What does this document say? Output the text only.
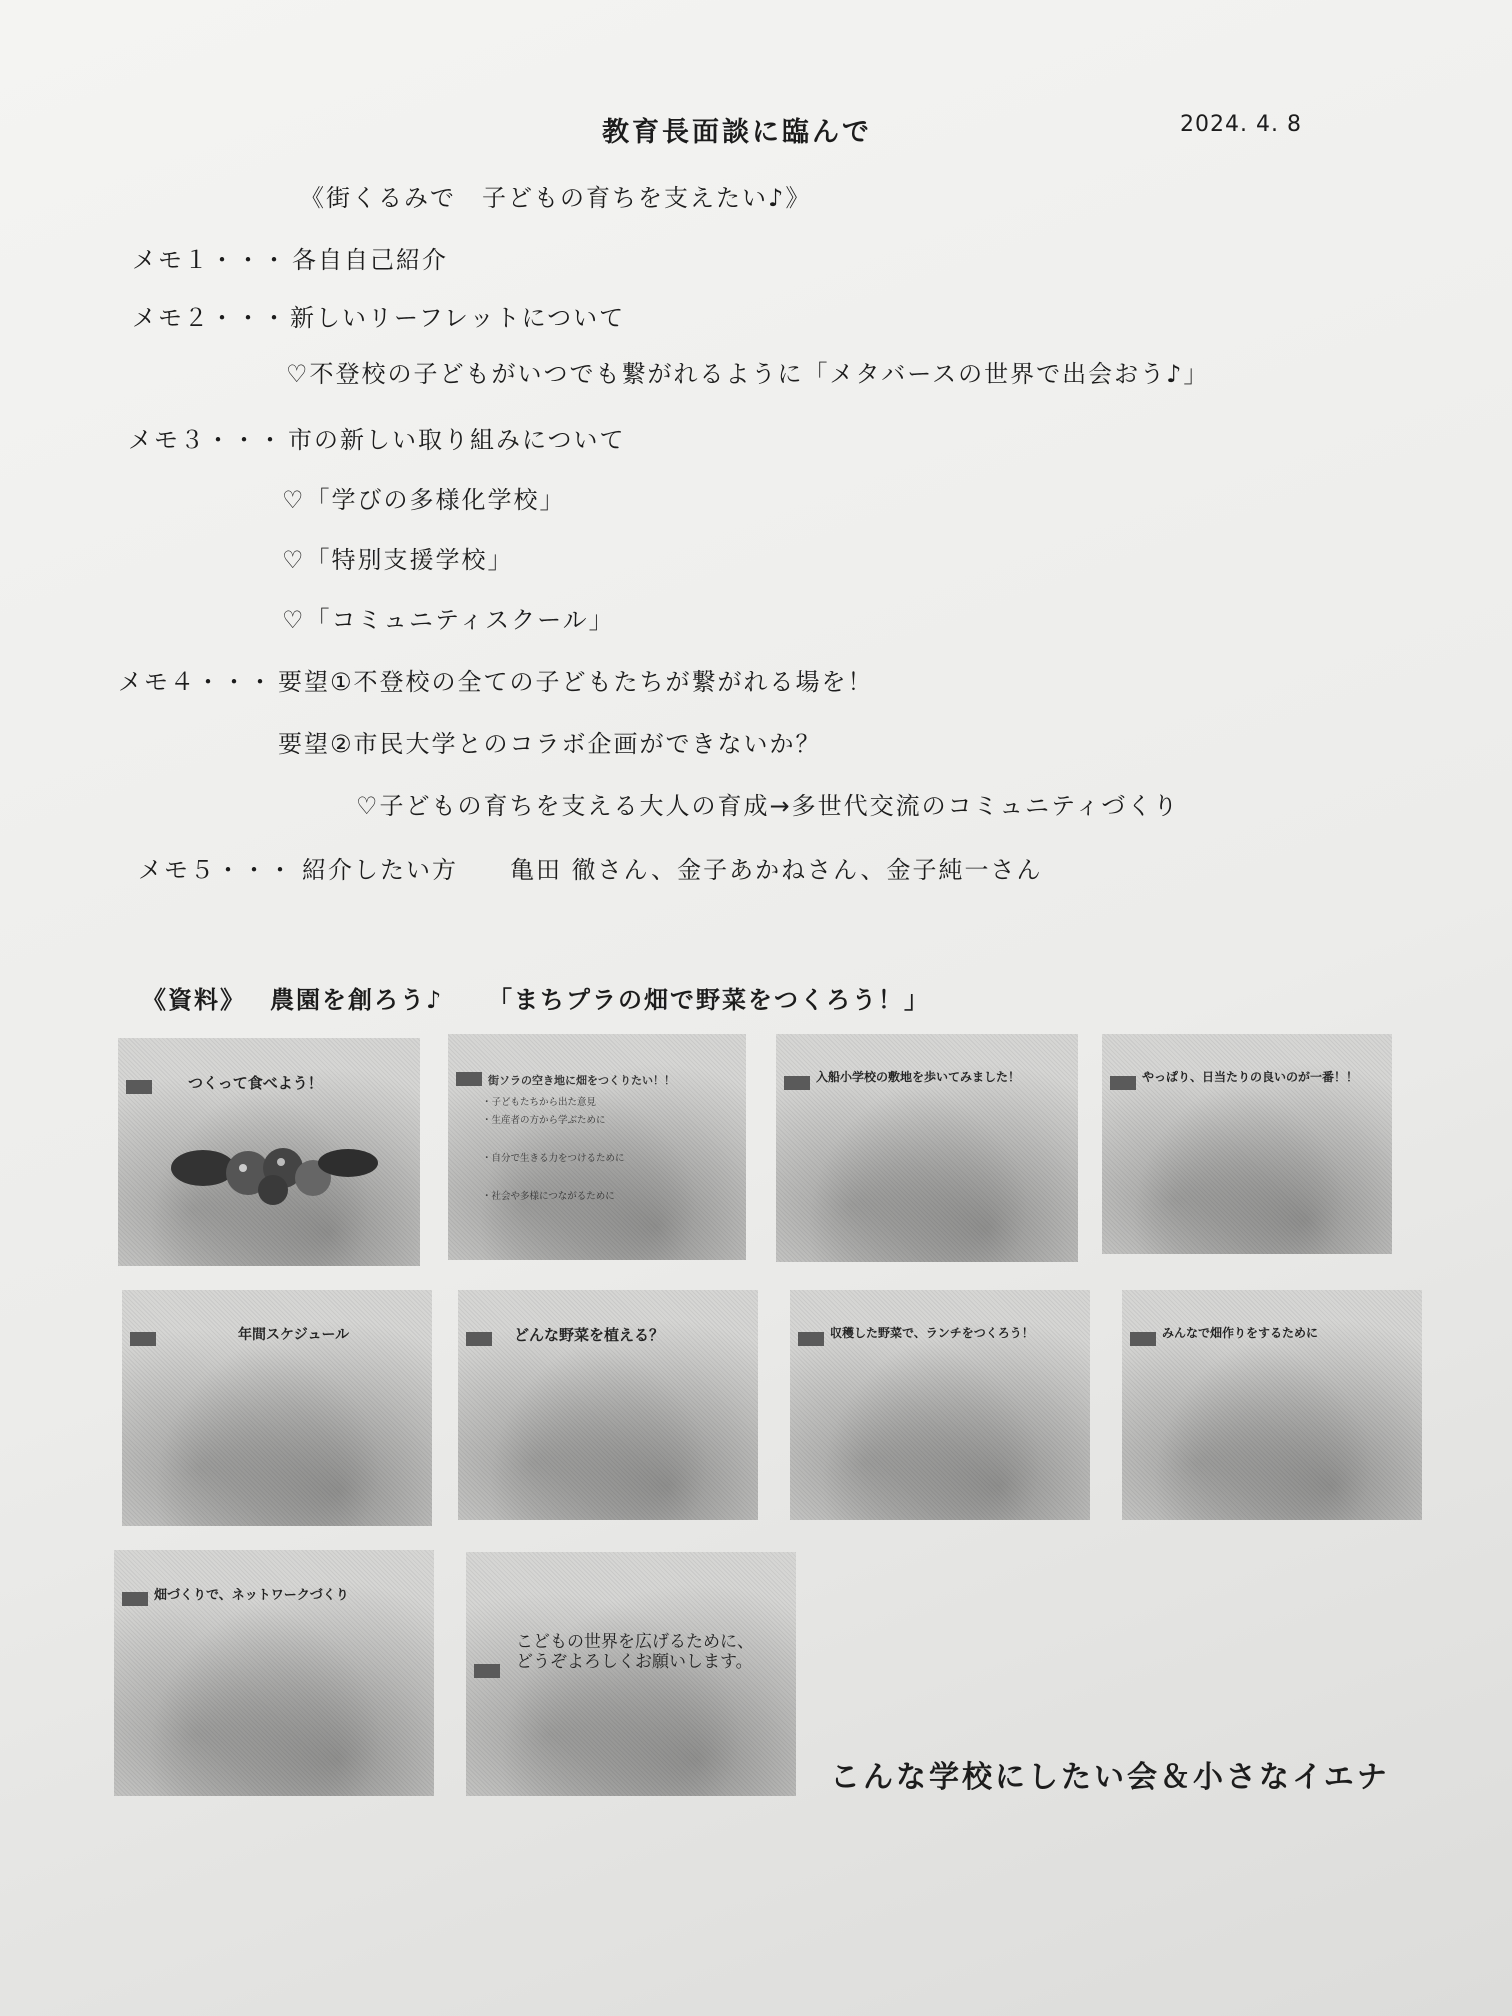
教育長面談に臨んで	2024. 4. 8
《街くるみで　子どもの育ちを支えたい♪》
メモ１・・・ 各自自己紹介
メモ２・・・ 新しいリーフレットについて
♡不登校の子どもがいつでも繋がれるように「メタバースの世界で出会おう♪」
メモ３・・・ 市の新しい取り組みについて
♡「学びの多様化学校」
♡「特別支援学校」
♡「コミュニティスクール」
メモ４・・・ 要望①不登校の全ての子どもたちが繋がれる場を！
要望②市民大学とのコラボ企画ができないか？
♡子どもの育ちを支える大人の育成→多世代交流のコミュニティづくり
メモ５・・・ 紹介したい方　　亀田 徹さん、金子あかねさん、金子純一さん
《資料》 農園を創ろう♪ 「まちプラの畑で野菜をつくろう！」
つくって食べよう！	街ソラの空き地に畑をつくりたい！！
・子どもたちから出た意見
・生産者の方から学ぶために
・自分で生きる力をつけるために
・社会や多様につながるために
入船小学校の敷地を歩いてみました！	やっぱり、日当たりの良いのが一番！！
年間スケジュール	どんな野菜を植える？	収穫した野菜で、ランチをつくろう！	みんなで畑作りをするために
畑づくりで、ネットワークづくり
こどもの世界を広げるために、どうぞよろしくお願いします。
こんな学校にしたい会＆小さなイエナ
